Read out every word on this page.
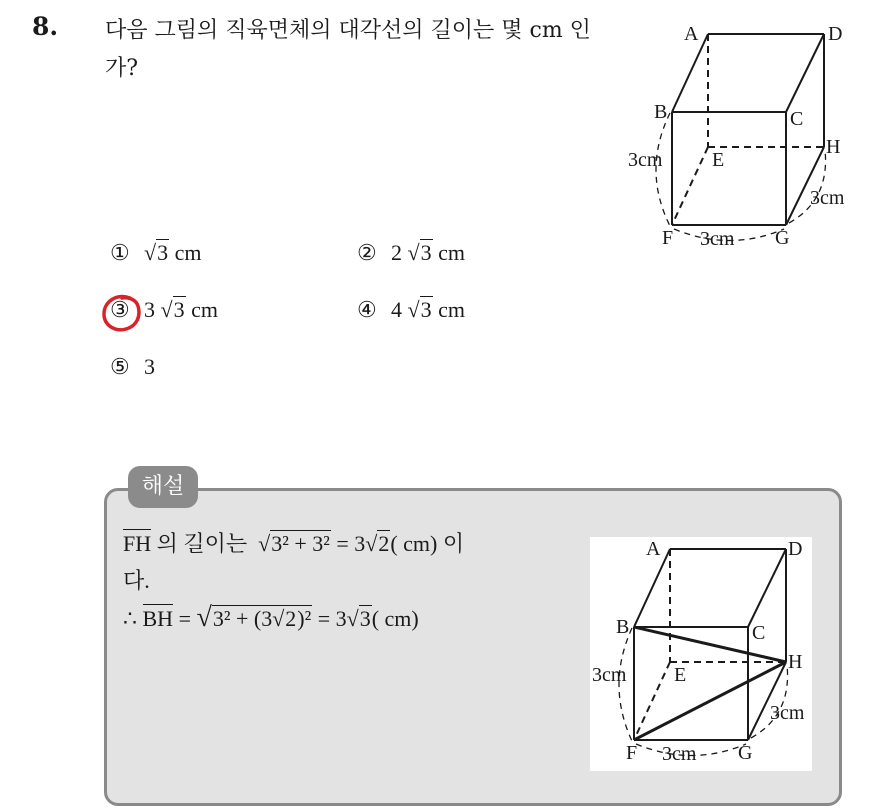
8. 다음 그림의 직육면체의 대각선의 길이는 몇 cm 인가?
A	D
B	C
E
H
F	G
3cm
3cm
3cm
① √3 cm	② 2 √3 cm
③ 3 √3 cm	④ 4 √3 cm
⑤ 3
해설
FH 의 길이는 √3² + 3² = 3√2( cm) 이
다.
∴ BH = √3² + (3√2)² = 3√3( cm)
A	D
B	C
E
H
F	G
3cm
3cm
3cm
